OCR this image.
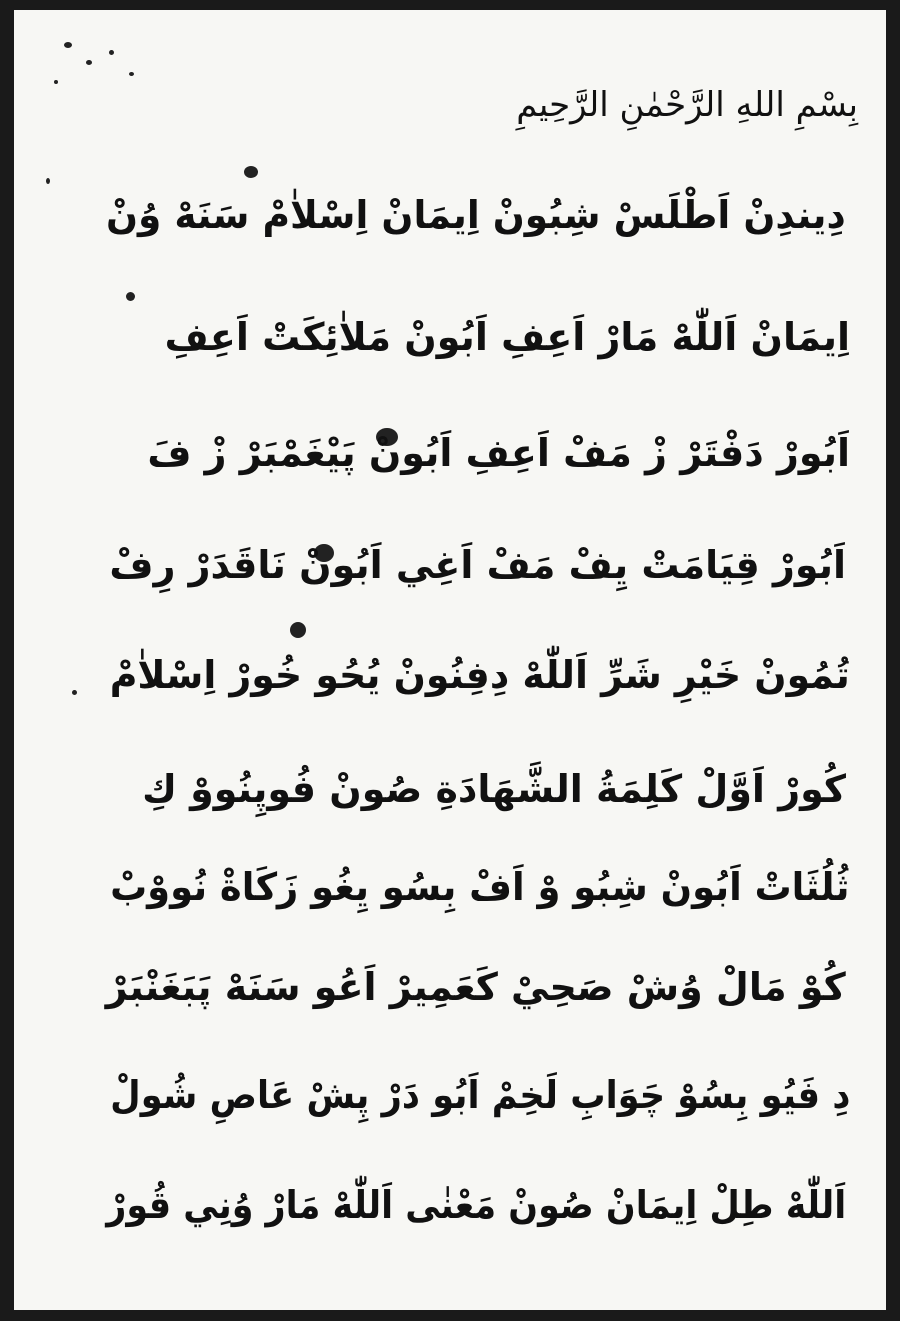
بِسْمِ اللهِ الرَّحْمٰنِ الرَّحِيمِ
دِيندِنْ اَطْلَسْ شِبُونْ اِيمَانْ اِسْلاٰمْ سَنَهْ وُنْ
اِيمَانْ اَللّٰهْ مَارْ اَعِفِ اَبُونْ مَلاٰئِكَتْ اَعِفِ
اَبُورْ دَفْتَرْ زْ مَفْ اَعِفِ اَبُونْ پَيْغَمْبَرْ زْ فَ
اَبُورْ قِيَامَتْ يِفْ مَفْ اَغِي اَبُونْ نَاقَدَرْ رِفْ
تُمُونْ خَيْرِ شَرِّ اَللّٰهْ دِفِنُونْ يُحُو خُورْ اِسْلاٰمْ
كُورْ اَوَّلْ كَلِمَةُ الشَّهَادَةِ صُونْ فُوپِنُووْ كِ
ثُلُثَاتْ اَبُونْ شِبُو وْ اَفْ بِسُو يِغُو زَكَاةْ نُووْبْ
كُوْ مَالْ وُشْ صَحِيْ كَعَمِيرْ اَعُو سَنَهْ پَبَغَنْبَرْ
دِ فَيُو بِسُوْ چَوَابِ لَخِمْ اَبُو دَرْ پِشْ عَاصِ شُولْ
اَللّٰهْ طِلْ اِيمَانْ صُونْ مَعْنٰى اَللّٰهْ مَارْ وُنِي قُورْ
